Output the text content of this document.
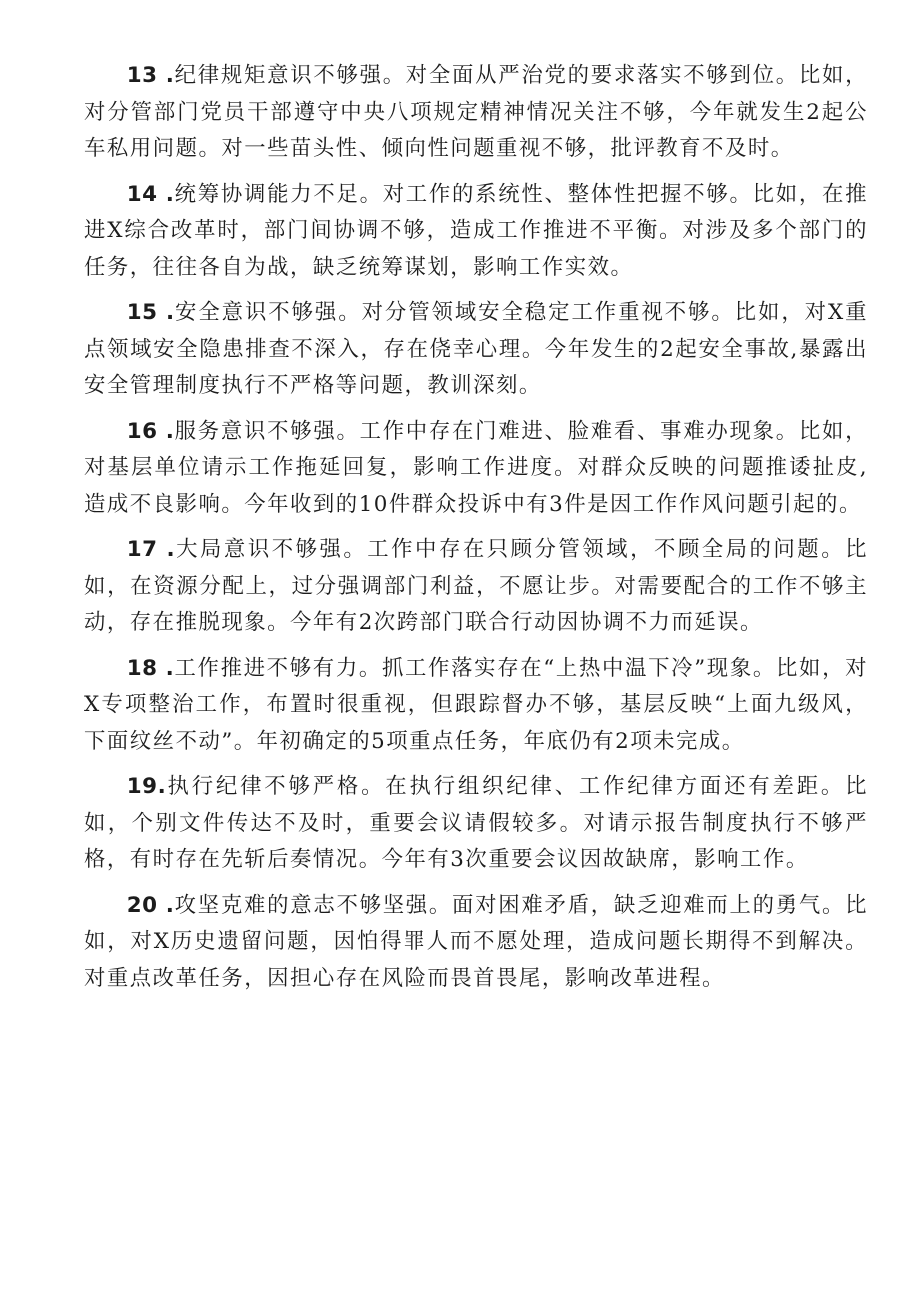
13 .纪律规矩意识不够强。对全面从严治党的要求落实不够到位。比如，对分管部门党员干部遵守中央八项规定精神情况关注不够，今年就发生2起公车私用问题。对一些苗头性、倾向性问题重视不够，批评教育不及时。

14 .统筹协调能力不足。对工作的系统性、整体性把握不够。比如，在推进X综合改革时，部门间协调不够，造成工作推进不平衡。对涉及多个部门的任务，往往各自为战，缺乏统筹谋划，影响工作实效。

15 .安全意识不够强。对分管领域安全稳定工作重视不够。比如，对X重点领域安全隐患排查不深入，存在侥幸心理。今年发生的2起安全事故,暴露出安全管理制度执行不严格等问题，教训深刻。

16 .服务意识不够强。工作中存在门难进、脸难看、事难办现象。比如，对基层单位请示工作拖延回复，影响工作进度。对群众反映的问题推诿扯皮,造成不良影响。今年收到的10件群众投诉中有3件是因工作作风问题引起的。

17 .大局意识不够强。工作中存在只顾分管领域，不顾全局的问题。比如，在资源分配上，过分强调部门利益，不愿让步。对需要配合的工作不够主动，存在推脱现象。今年有2次跨部门联合行动因协调不力而延误。

18 .工作推进不够有力。抓工作落实存在“上热中温下冷”现象。比如，对X专项整治工作，布置时很重视，但跟踪督办不够，基层反映“上面九级风，下面纹丝不动”。年初确定的5项重点任务，年底仍有2项未完成。

19.执行纪律不够严格。在执行组织纪律、工作纪律方面还有差距。比如，个别文件传达不及时，重要会议请假较多。对请示报告制度执行不够严格，有时存在先斩后奏情况。今年有3次重要会议因故缺席，影响工作。

20 .攻坚克难的意志不够坚强。面对困难矛盾，缺乏迎难而上的勇气。比如，对X历史遗留问题，因怕得罪人而不愿处理，造成问题长期得不到解决。对重点改革任务，因担心存在风险而畏首畏尾，影响改革进程。
